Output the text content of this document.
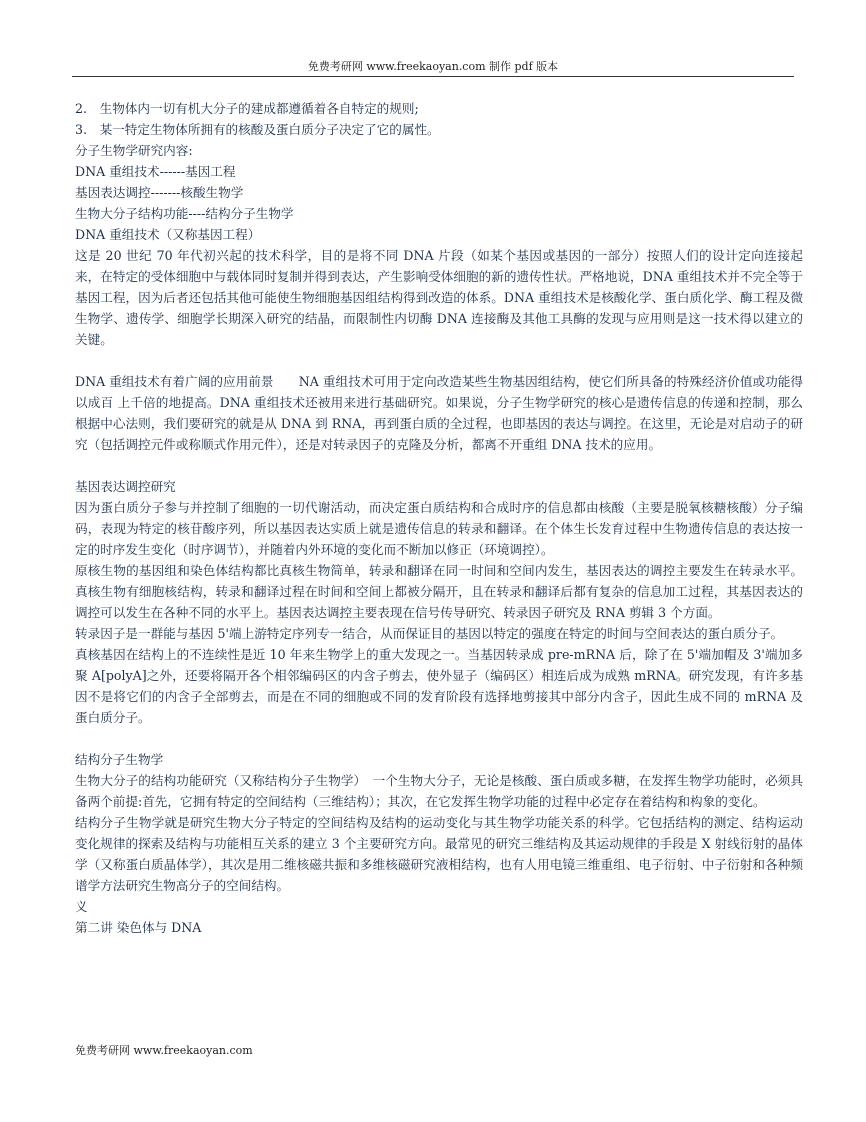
免费考研网 www.freekaoyan.com 制作 pdf 版本

2.　生物体内一切有机大分子的建成都遵循着各自特定的规则;

3.　某一特定生物体所拥有的核酸及蛋白质分子决定了它的属性。

分子生物学研究内容:

DNA 重组技术------基因工程

基因表达调控-------核酸生物学

生物大分子结构功能----结构分子生物学

DNA 重组技术（又称基因工程）

这是 20 世纪 70 年代初兴起的技术科学，目的是将不同 DNA 片段（如某个基因或基因的一部分）按照人们的设计定向连接起来，在特定的受体细胞中与载体同时复制并得到表达，产生影响受体细胞的新的遗传性状。严格地说，DNA 重组技术并不完全等于基因工程，因为后者还包括其他可能使生物细胞基因组结构得到改造的体系。DNA 重组技术是核酸化学、蛋白质化学、酶工程及微生物学、遗传学、细胞学长期深入研究的结晶，而限制性内切酶 DNA 连接酶及其他工具酶的发现与应用则是这一技术得以建立的关键。

DNA 重组技术有着广阔的应用前景　　NA 重组技术可用于定向改造某些生物基因组结构，使它们所具备的特殊经济价值或功能得以成百 上千倍的地提高。DNA 重组技术还被用来进行基础研究。如果说，分子生物学研究的核心是遗传信息的传递和控制，那么根据中心法则，我们要研究的就是从 DNA 到 RNA，再到蛋白质的全过程，也即基因的表达与调控。在这里，无论是对启动子的研究（包括调控元件或称顺式作用元件），还是对转录因子的克隆及分析，都离不开重组 DNA 技术的应用。

基因表达调控研究

因为蛋白质分子参与并控制了细胞的一切代谢活动，而决定蛋白质结构和合成时序的信息都由核酸（主要是脱氧核糖核酸）分子编码，表现为特定的核苷酸序列，所以基因表达实质上就是遗传信息的转录和翻译。在个体生长发育过程中生物遗传信息的表达按一定的时序发生变化（时序调节），并随着内外环境的变化而不断加以修正（环境调控）。

原核生物的基因组和染色体结构都比真核生物简单，转录和翻译在同一时间和空间内发生，基因表达的调控主要发生在转录水平。真核生物有细胞核结构，转录和翻译过程在时间和空间上都被分隔开，且在转录和翻译后都有复杂的信息加工过程，其基因表达的调控可以发生在各种不同的水平上。基因表达调控主要表现在信号传导研究、转录因子研究及 RNA 剪辑 3 个方面。

转录因子是一群能与基因 5'端上游特定序列专一结合，从而保证目的基因以特定的强度在特定的时间与空间表达的蛋白质分子。

真核基因在结构上的不连续性是近 10 年来生物学上的重大发现之一。当基因转录成 pre-mRNA 后，除了在 5'端加帽及 3'端加多聚 A[polyA]之外，还要将隔开各个相邻编码区的内含子剪去，使外显子（编码区）相连后成为成熟 mRNA。研究发现，有许多基因不是将它们的内含子全部剪去，而是在不同的细胞或不同的发育阶段有选择地剪接其中部分内含子，因此生成不同的 mRNA 及蛋白质分子。

结构分子生物学

生物大分子的结构功能研究（又称结构分子生物学）　一个生物大分子，无论是核酸、蛋白质或多糖，在发挥生物学功能时，必须具备两个前提:首先，它拥有特定的空间结构（三维结构）；其次，在它发挥生物学功能的过程中必定存在着结构和构象的变化。

结构分子生物学就是研究生物大分子特定的空间结构及结构的运动变化与其生物学功能关系的科学。它包括结构的测定、结构运动变化规律的探索及结构与功能相互关系的建立 3 个主要研究方向。最常见的研究三维结构及其运动规律的手段是 X 射线衍射的晶体学（又称蛋白质晶体学），其次是用二维核磁共振和多维核磁研究液相结构，也有人用电镜三维重组、电子衍射、中子衍射和各种频谱学方法研究生物高分子的空间结构。

义

第二讲 染色体与 DNA

免费考研网 www.freekaoyan.com
